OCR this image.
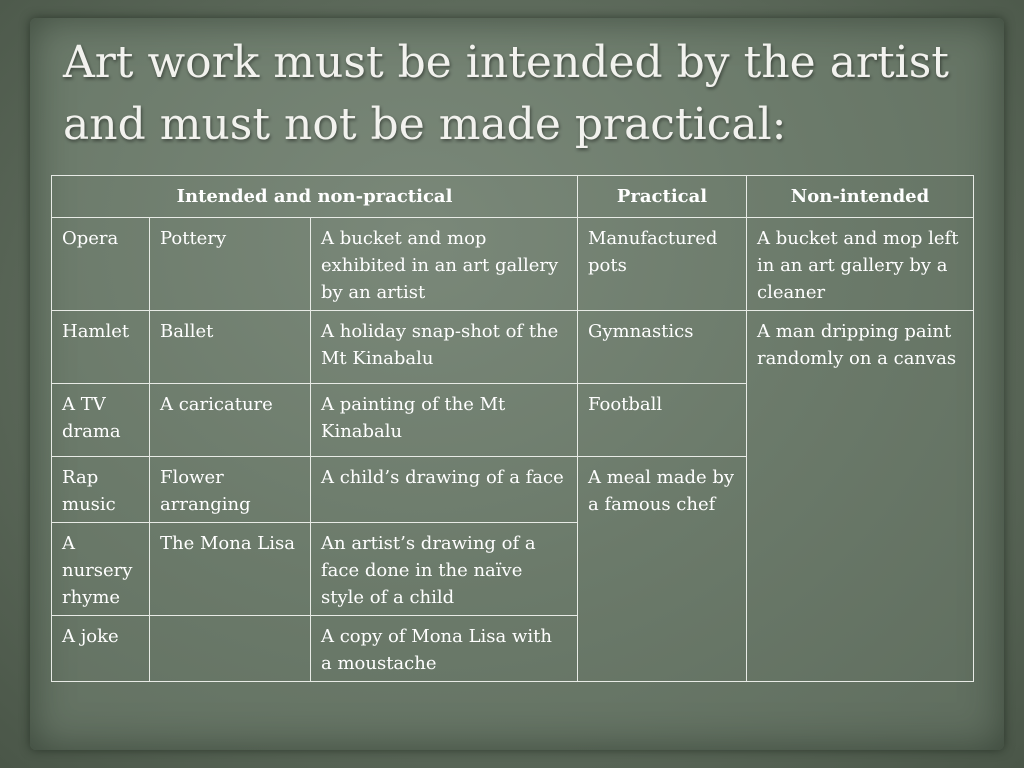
Art work must be intended by the artist and must not be made practical:
Intended and non-practical			Practical	Non-intended
Opera	Pottery	A bucket and mop exhibited in an art gallery by an artist	Manufactured pots	A bucket and mop left in an art gallery by a cleaner
Hamlet	Ballet	A holiday snap-shot of the Mt Kinabalu	Gymnastics	A man dripping paint randomly on a canvas
A TV drama	A caricature	A painting of the Mt Kinabalu	Football	
Rap music	Flower arranging	A child’s drawing of a face	A meal made by a famous chef	
A nursery rhyme	The Mona Lisa	An artist’s drawing of a face done in the naïve style of a child		
A joke		A copy of Mona Lisa with a moustache		
